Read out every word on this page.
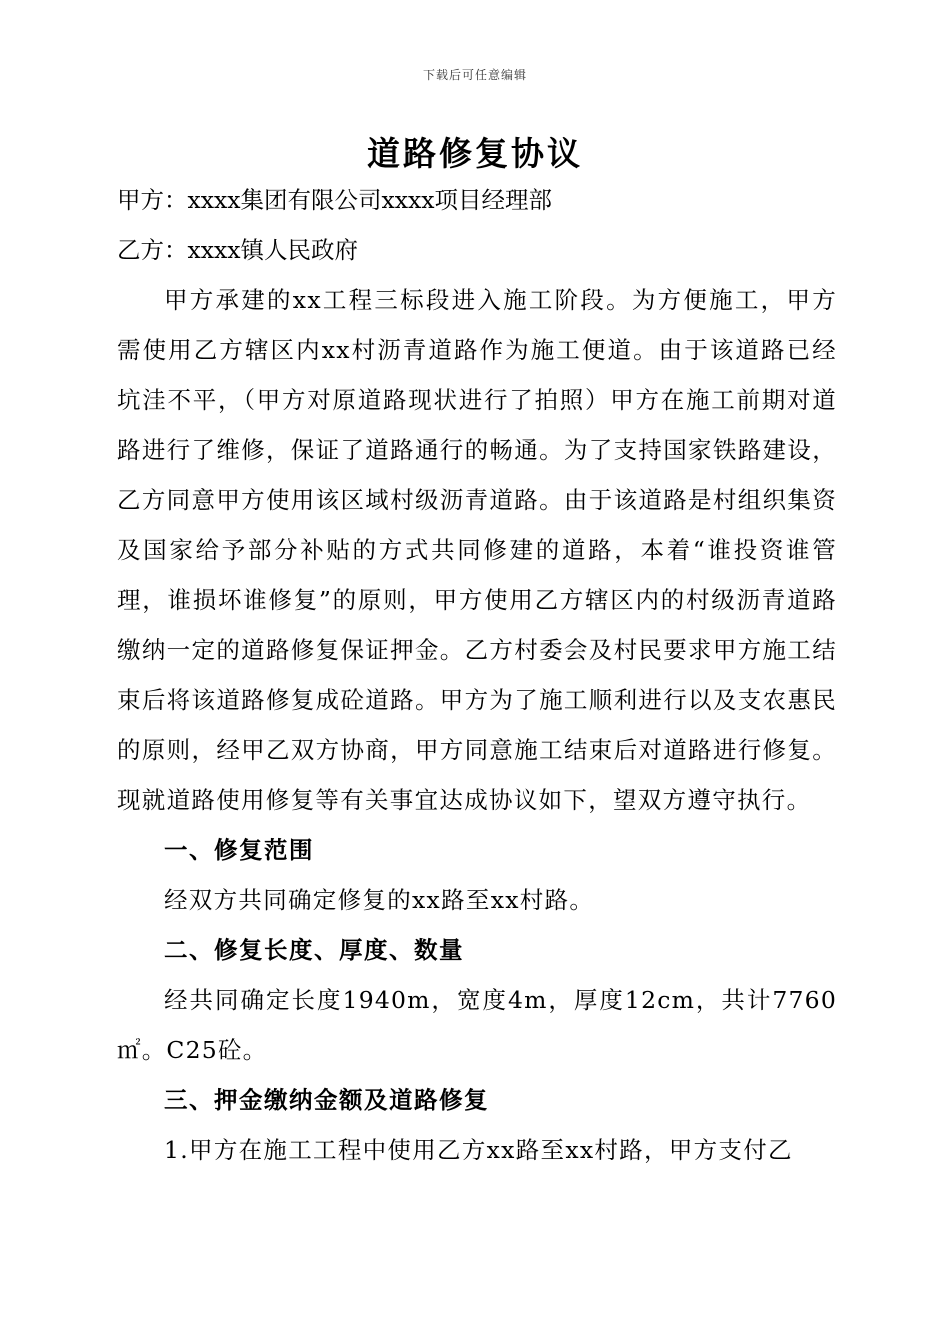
下载后可任意编辑
道路修复协议

甲方：xxxx集团有限公司xxxx项目经理部

乙方：xxxx镇人民政府

甲方承建的xx工程三标段进入施工阶段。为方便施工，甲方需使用乙方辖区内xx村沥青道路作为施工便道。由于该道路已经坑洼不平，（甲方对原道路现状进行了拍照）甲方在施工前期对道路进行了维修，保证了道路通行的畅通。为了支持国家铁路建设，乙方同意甲方使用该区域村级沥青道路。由于该道路是村组织集资及国家给予部分补贴的方式共同修建的道路，本着“谁投资谁管理，谁损坏谁修复”的原则，甲方使用乙方辖区内的村级沥青道路缴纳一定的道路修复保证押金。乙方村委会及村民要求甲方施工结束后将该道路修复成砼道路。甲方为了施工顺利进行以及支农惠民的原则，经甲乙双方协商，甲方同意施工结束后对道路进行修复。现就道路使用修复等有关事宜达成协议如下，望双方遵守执行。

一、修复范围

经双方共同确定修复的xx路至xx村路。

二、修复长度、厚度、数量

经共同确定长度1940m，宽度4m，厚度12cm，共计7760㎡。C25砼。

三、押金缴纳金额及道路修复

1.甲方在施工工程中使用乙方xx路至xx村路，甲方支付乙
